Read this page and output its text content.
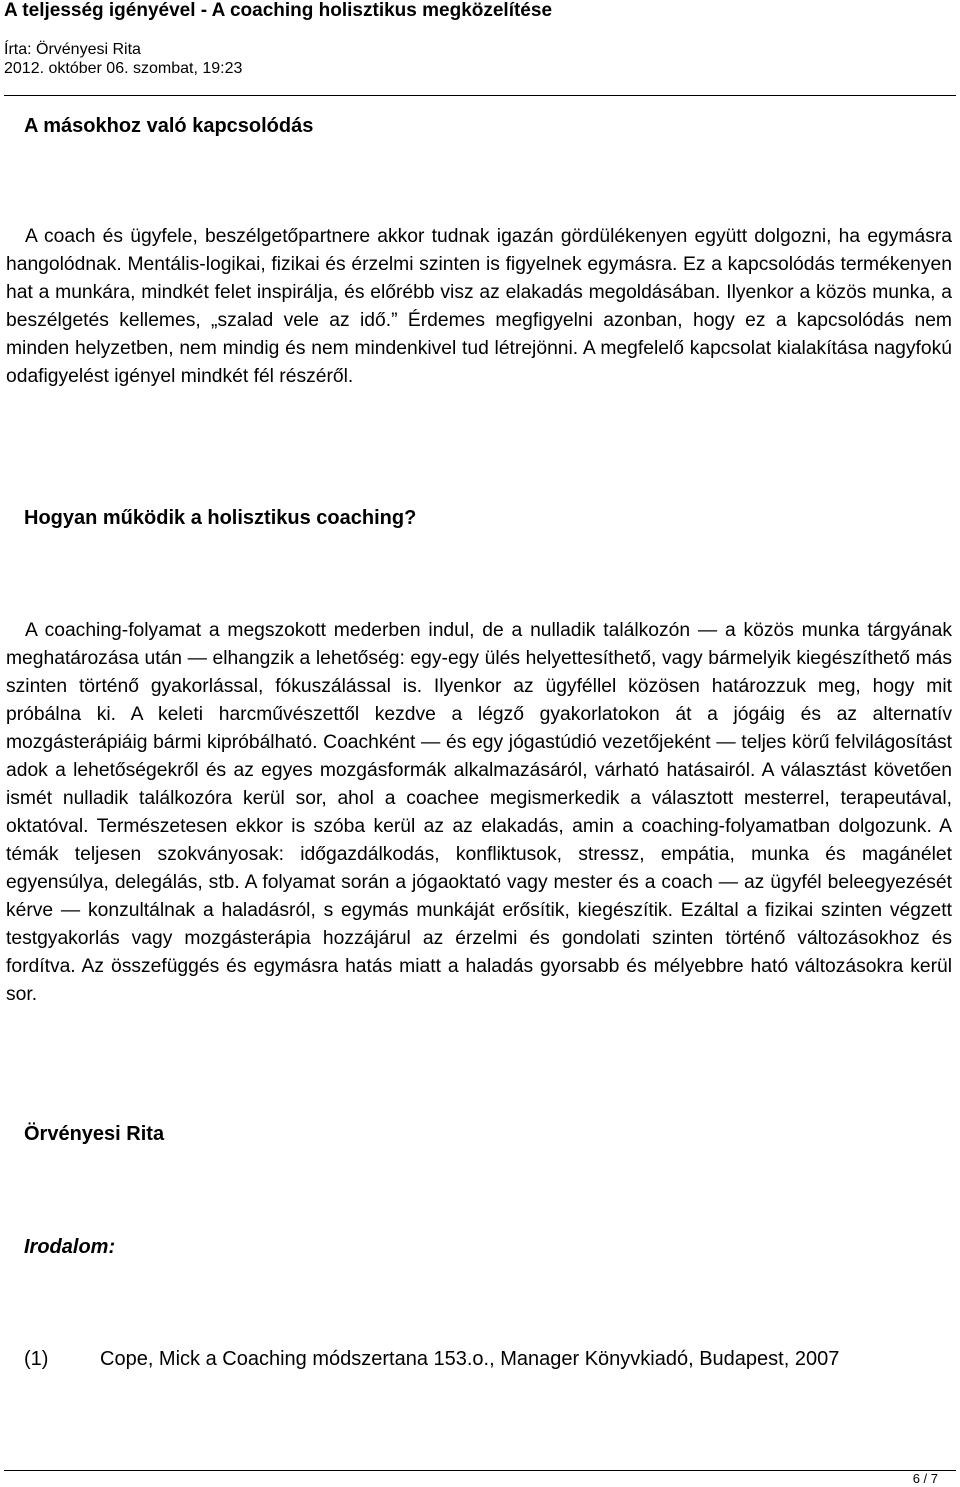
A teljesség igényével - A coaching holisztikus megközelítése
Írta: Örvényesi Rita
2012. október 06. szombat, 19:23
A másokhoz való kapcsolódás
A coach és ügyfele, beszélgetőpartnere akkor tudnak igazán gördülékenyen együtt dolgozni, ha egymásra hangolódnak. Mentális-logikai, fizikai és érzelmi szinten is figyelnek egymásra. Ez a kapcsolódás termékenyen hat a munkára, mindkét felet inspirálja, és előrébb visz az elakadás megoldásában. Ilyenkor a közös munka, a beszélgetés kellemes, „szalad vele az idő.” Érdemes megfigyelni azonban, hogy ez a kapcsolódás nem minden helyzetben, nem mindig és nem mindenkivel tud létrejönni. A megfelelő kapcsolat kialakítása nagyfokú odafigyelést igényel mindkét fél részéről.
Hogyan működik a holisztikus coaching?
A coaching-folyamat a megszokott mederben indul, de a nulladik találkozón — a közös munka tárgyának meghatározása után — elhangzik a lehetőség: egy-egy ülés helyettesíthető, vagy bármelyik kiegészíthető más szinten történő gyakorlással, fókuszálással is. Ilyenkor az ügyféllel közösen határozzuk meg, hogy mit próbálna ki. A keleti harcművészettől kezdve a légző gyakorlatokon át a jógáig és az alternatív mozgásterápiáig bármi kipróbálható. Coachként — és egy jógastúdió vezetőjeként — teljes körű felvilágosítást adok a lehetőségekről és az egyes mozgásformák alkalmazásáról, várható hatásairól. A választást követően ismét nulladik találkozóra kerül sor, ahol a coachee megismerkedik a választott mesterrel, terapeutával, oktatóval. Természetesen ekkor is szóba kerül az az elakadás, amin a coaching-folyamatban dolgozunk. A témák teljesen szokványosak: időgazdálkodás, konfliktusok, stressz, empátia, munka és magánélet egyensúlya, delegálás, stb. A folyamat során a jógaoktató vagy mester és a coach — az ügyfél beleegyezését kérve — konzultálnak a haladásról, s egymás munkáját erősítik, kiegészítik. Ezáltal a fizikai szinten végzett testgyakorlás vagy mozgásterápia hozzájárul az érzelmi és gondolati szinten történő változásokhoz és fordítva. Az összefüggés és egymásra hatás miatt a haladás gyorsabb és mélyebbre ható változásokra kerül sor.
Örvényesi Rita
Irodalom:
(1)	Cope, Mick a Coaching módszertana 153.o., Manager Könyvkiadó, Budapest, 2007
6 / 7
